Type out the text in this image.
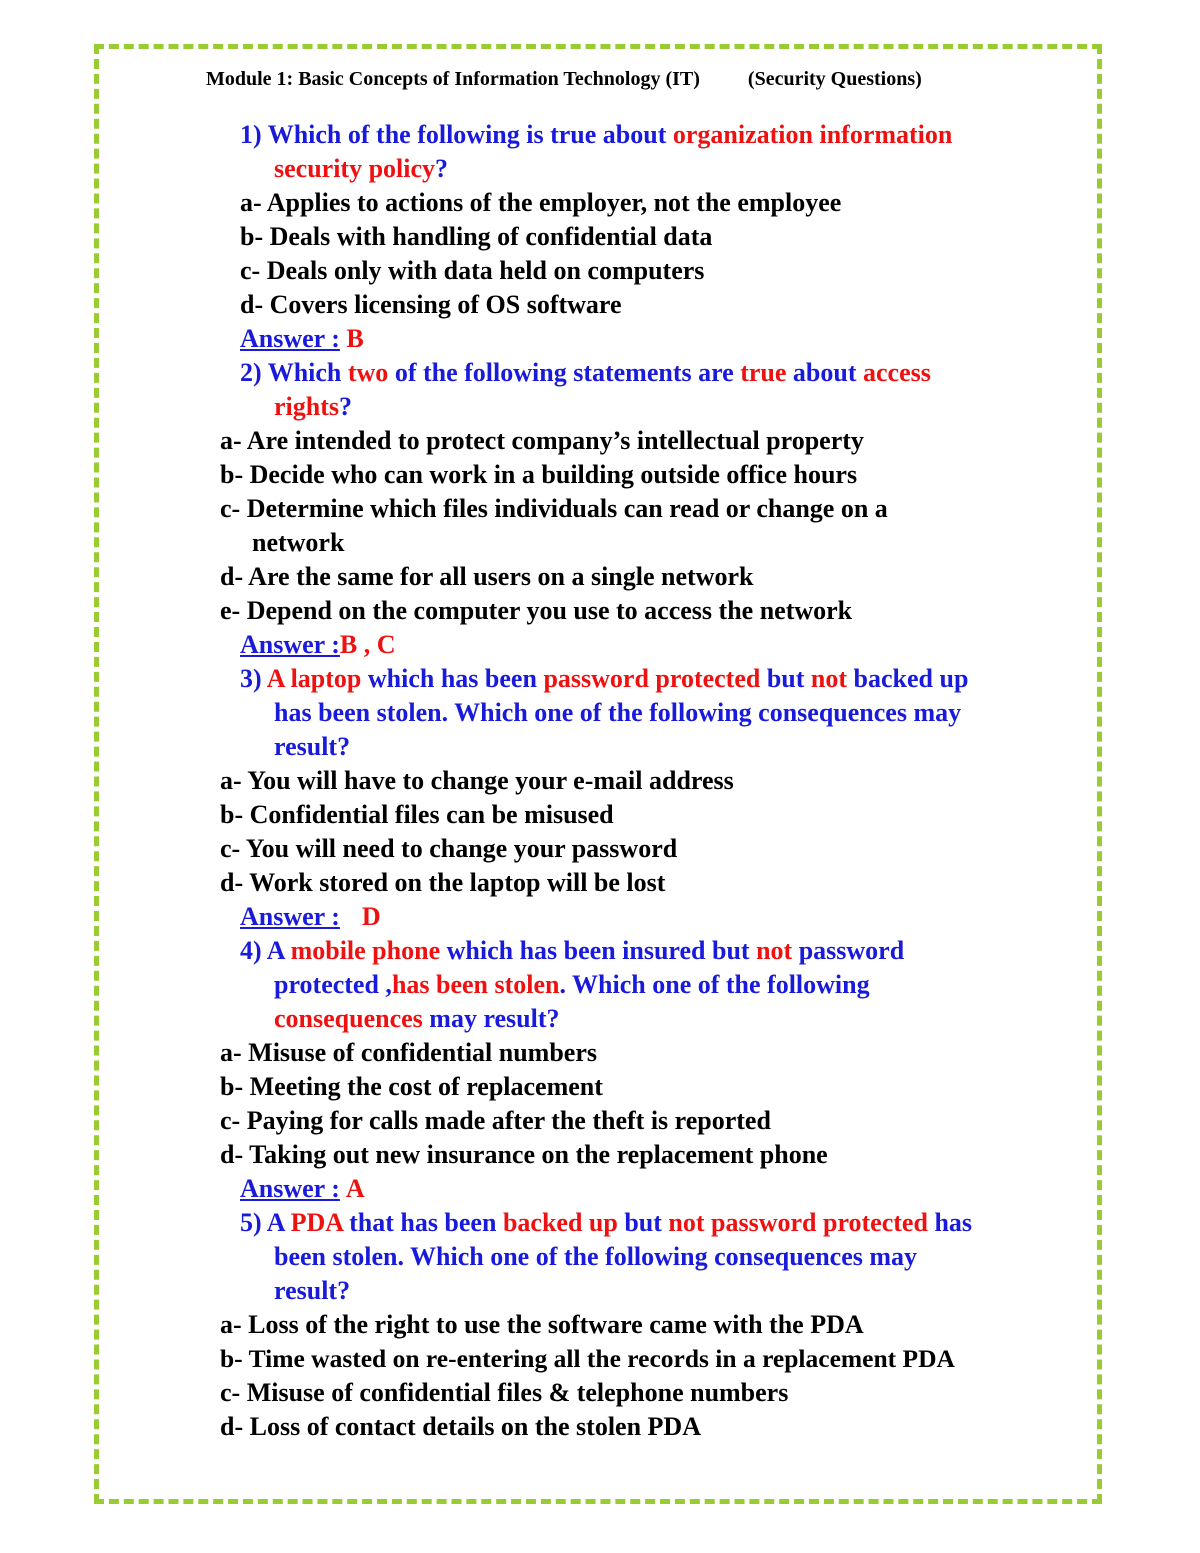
Module 1: Basic Concepts of Information Technology (IT) (Security Questions)
1) Which of the following is true about organization information
security policy?
a- Applies to actions of the employer, not the employee
b- Deals with handling of confidential data
c- Deals only with data held on computers
d- Covers licensing of OS software
Answer : B
2) Which two of the following statements are true about access
rights?
a- Are intended to protect company’s intellectual property
b- Decide who can work in a building outside office hours
c- Determine which files individuals can read or change on a
network
d- Are the same for all users on a single network
e- Depend on the computer you use to access the network
Answer :B , C
3) A laptop which has been password protected but not backed up
has been stolen. Which one of the following consequences may
result?
a- You will have to change your e-mail address
b- Confidential files can be misused
c- You will need to change your password
d- Work stored on the laptop will be lost
Answer : D
4) A mobile phone which has been insured but not password
protected ,has been stolen. Which one of the following
consequences may result?
a- Misuse of confidential numbers
b- Meeting the cost of replacement
c- Paying for calls made after the theft is reported
d- Taking out new insurance on the replacement phone
Answer : A
5) A PDA that has been backed up but not password protected has
been stolen. Which one of the following consequences may
result?
a- Loss of the right to use the software came with the PDA
b- Time wasted on re-entering all the records in a replacement PDA
c- Misuse of confidential files & telephone numbers
d- Loss of contact details on the stolen PDA
